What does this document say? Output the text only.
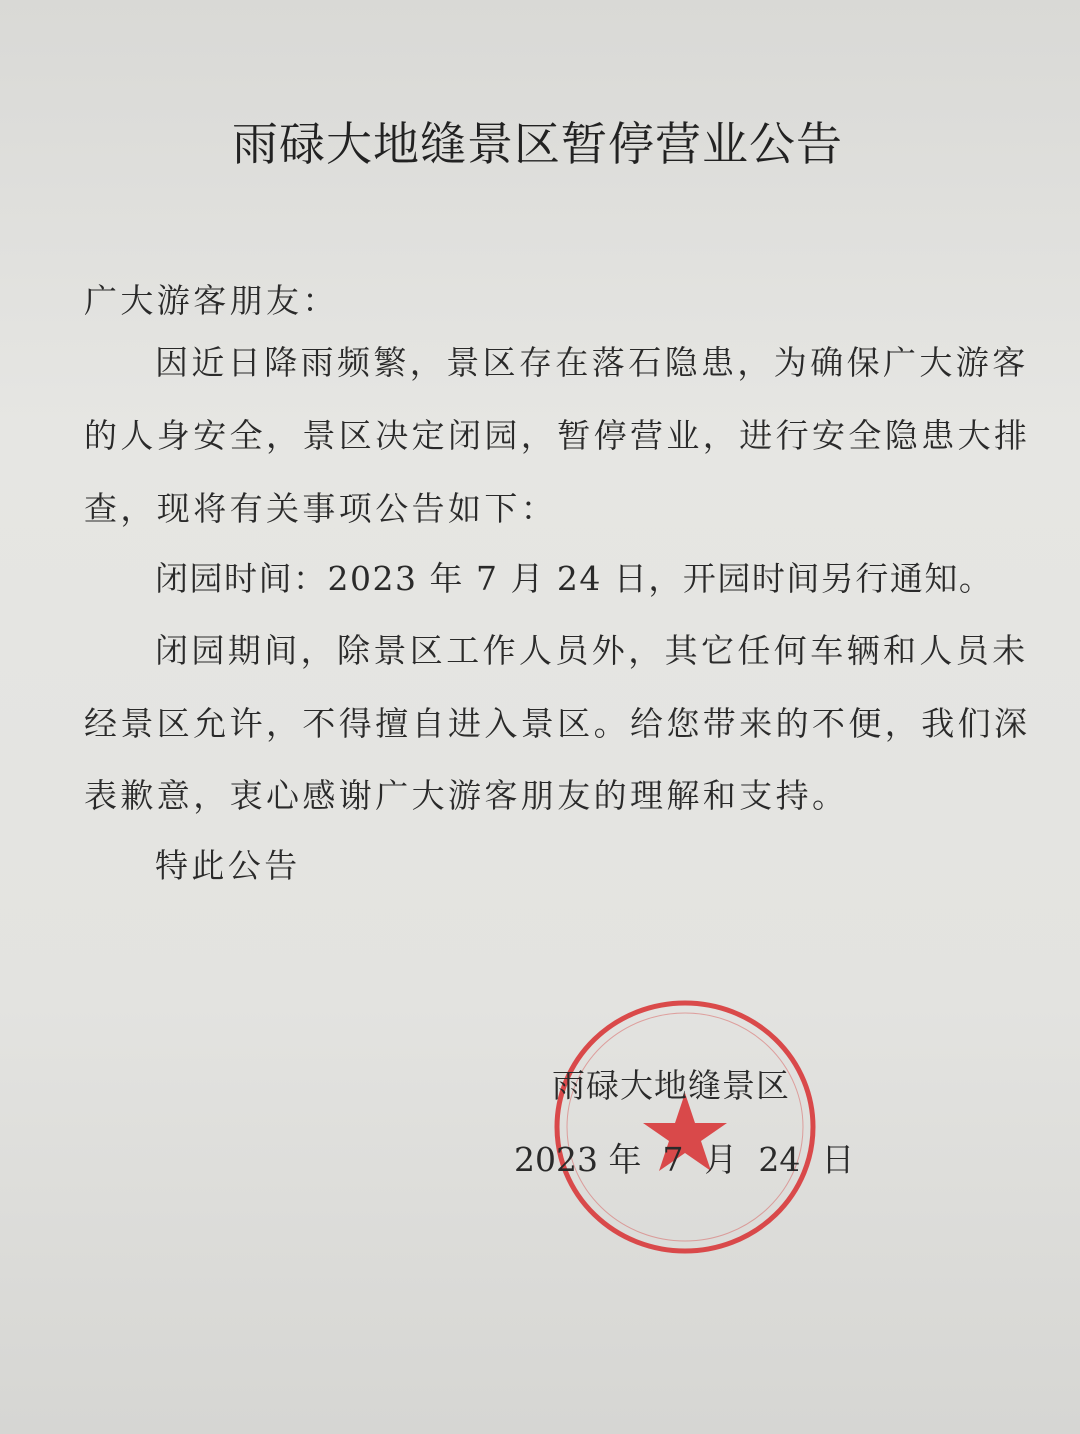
雨碌大地缝景区暂停营业公告
广大游客朋友：
因近日降雨频繁，景区存在落石隐患，为确保广大游客
的人身安全，景区决定闭园，暂停营业，进行安全隐患大排
查，现将有关事项公告如下：
闭园时间：2023 年 7 月 24 日，开园时间另行通知。
闭园期间，除景区工作人员外，其它任何车辆和人员未
经景区允许，不得擅自进入景区。给您带来的不便，我们深
表歉意，衷心感谢广大游客朋友的理解和支持。
特此公告
雨碌大地缝景区
2023 年  7  月  24  日
